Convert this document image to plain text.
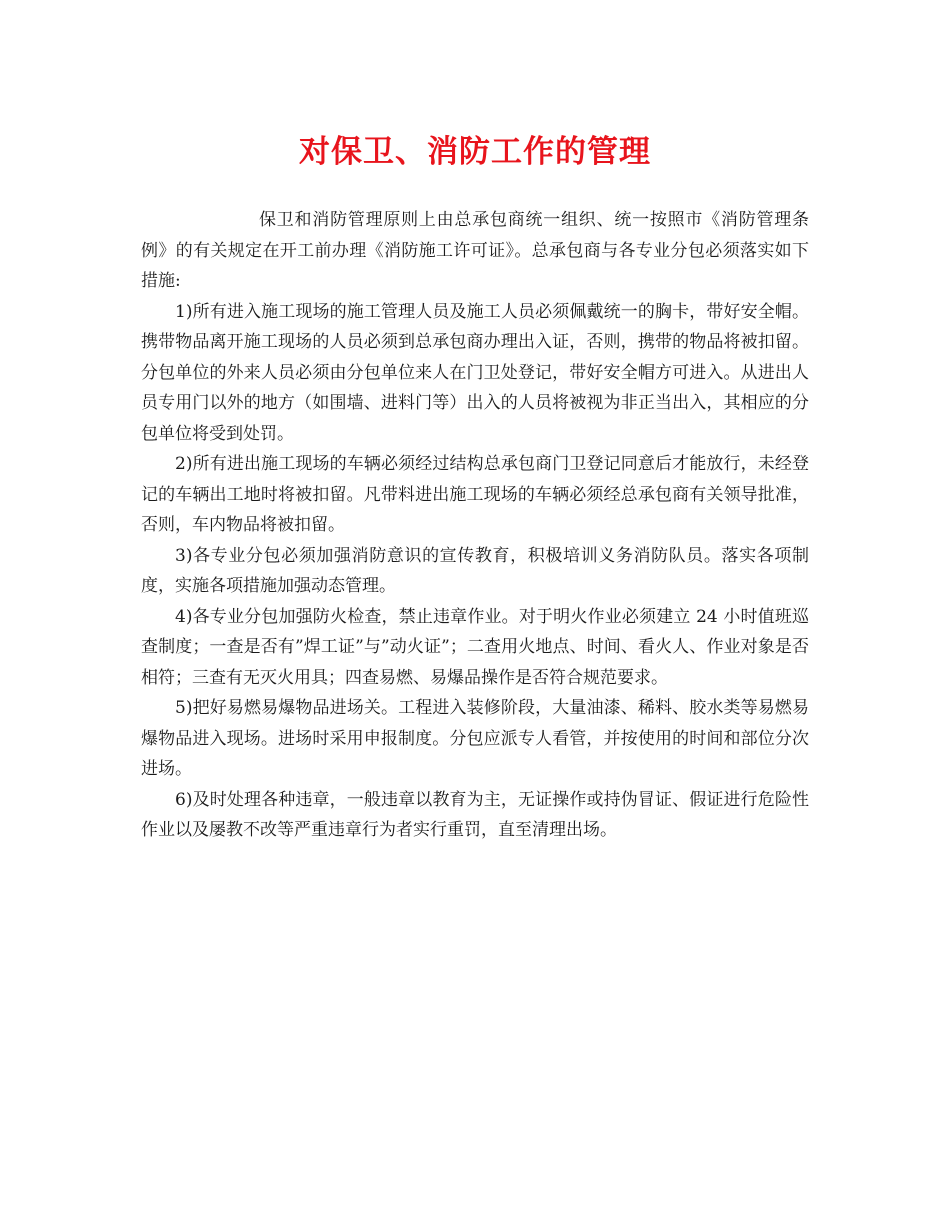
对保卫、消防工作的管理

保卫和消防管理原则上由总承包商统一组织、统一按照市《消防管理条例》的有关规定在开工前办理《消防施工许可证》。总承包商与各专业分包必须落实如下措施:

1)所有进入施工现场的施工管理人员及施工人员必须佩戴统一的胸卡，带好安全帽。携带物品离开施工现场的人员必须到总承包商办理出入证，否则，携带的物品将被扣留。分包单位的外来人员必须由分包单位来人在门卫处登记，带好安全帽方可进入。从进出人员专用门以外的地方（如围墙、进料门等）出入的人员将被视为非正当出入，其相应的分包单位将受到处罚。

2)所有进出施工现场的车辆必须经过结构总承包商门卫登记同意后才能放行，未经登记的车辆出工地时将被扣留。凡带料进出施工现场的车辆必须经总承包商有关领导批准，否则，车内物品将被扣留。

3)各专业分包必须加强消防意识的宣传教育，积极培训义务消防队员。落实各项制度，实施各项措施加强动态管理。

4)各专业分包加强防火检查，禁止违章作业。对于明火作业必须建立 24 小时值班巡查制度；一查是否有”焊工证”与”动火证”；二查用火地点、时间、看火人、作业对象是否相符；三查有无灭火用具；四查易燃、易爆品操作是否符合规范要求。

5)把好易燃易爆物品进场关。工程进入装修阶段，大量油漆、稀料、胶水类等易燃易爆物品进入现场。进场时采用申报制度。分包应派专人看管，并按使用的时间和部位分次进场。

6)及时处理各种违章，一般违章以教育为主，无证操作或持伪冒证、假证进行危险性作业以及屡教不改等严重违章行为者实行重罚，直至清理出场。
